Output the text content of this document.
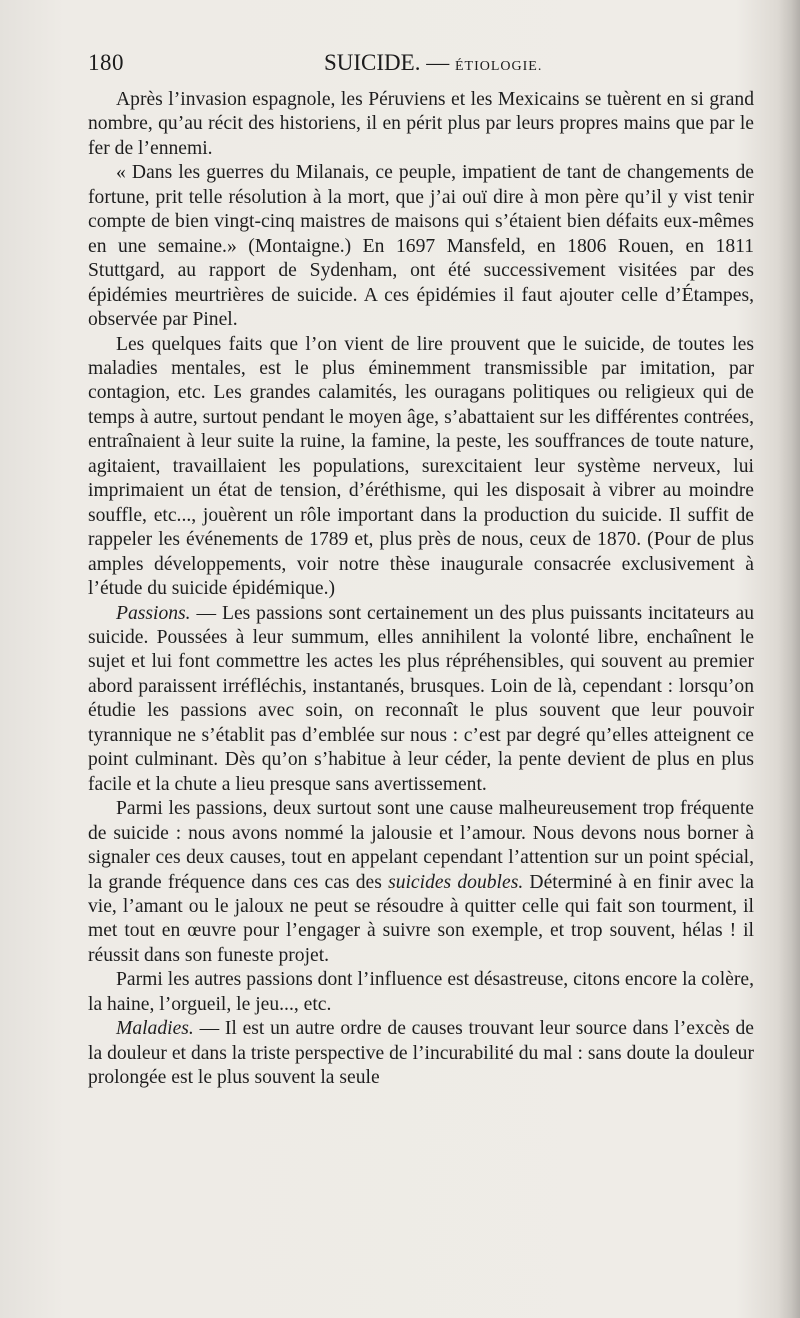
180	SUICIDE. — ÉTIOLOGIE.

Après l’invasion espagnole, les Péruviens et les Mexicains se tuèrent en si grand nombre, qu’au récit des historiens, il en périt plus par leurs propres mains que par le fer de l’ennemi.

« Dans les guerres du Milanais, ce peuple, impatient de tant de changements de fortune, prit telle résolution à la mort, que j’ai ouï dire à mon père qu’il y vist tenir compte de bien vingt-cinq maistres de maisons qui s’étaient bien défaits eux-mêmes en une semaine.» (Montaigne.) En 1697 Mansfeld, en 1806 Rouen, en 1811 Stuttgard, au rapport de Sydenham, ont été successivement visitées par des épidémies meurtrières de suicide. A ces épidémies il faut ajouter celle d’Étampes, observée par Pinel.

Les quelques faits que l’on vient de lire prouvent que le suicide, de toutes les maladies mentales, est le plus éminemment transmissible par imitation, par contagion, etc. Les grandes calamités, les ouragans politiques ou religieux qui de temps à autre, surtout pendant le moyen âge, s’abattaient sur les différentes contrées, entraînaient à leur suite la ruine, la famine, la peste, les souffrances de toute nature, agitaient, travaillaient les populations, surexcitaient leur système nerveux, lui imprimaient un état de tension, d’éréthisme, qui les disposait à vibrer au moindre souffle, etc..., jouèrent un rôle important dans la production du suicide. Il suffit de rappeler les événements de 1789 et, plus près de nous, ceux de 1870. (Pour de plus amples développements, voir notre thèse inaugurale consacrée exclusivement à l’étude du suicide épidémique.)

Passions. — Les passions sont certainement un des plus puissants incitateurs au suicide. Poussées à leur summum, elles annihilent la volonté libre, enchaînent le sujet et lui font commettre les actes les plus répréhensibles, qui souvent au premier abord paraissent irréfléchis, instantanés, brusques. Loin de là, cependant : lorsqu’on étudie les passions avec soin, on reconnaît le plus souvent que leur pouvoir tyrannique ne s’établit pas d’emblée sur nous : c’est par degré qu’elles atteignent ce point culminant. Dès qu’on s’habitue à leur céder, la pente devient de plus en plus facile et la chute a lieu presque sans avertissement.

Parmi les passions, deux surtout sont une cause malheureusement trop fréquente de suicide : nous avons nommé la jalousie et l’amour. Nous devons nous borner à signaler ces deux causes, tout en appelant cependant l’attention sur un point spécial, la grande fréquence dans ces cas des suicides doubles. Déterminé à en finir avec la vie, l’amant ou le jaloux ne peut se résoudre à quitter celle qui fait son tourment, il met tout en œuvre pour l’engager à suivre son exemple, et trop souvent, hélas ! il réussit dans son funeste projet.

Parmi les autres passions dont l’influence est désastreuse, citons encore la colère, la haine, l’orgueil, le jeu..., etc.

Maladies. — Il est un autre ordre de causes trouvant leur source dans l’excès de la douleur et dans la triste perspective de l’incurabilité du mal : sans doute la douleur prolongée est le plus souvent la seule
